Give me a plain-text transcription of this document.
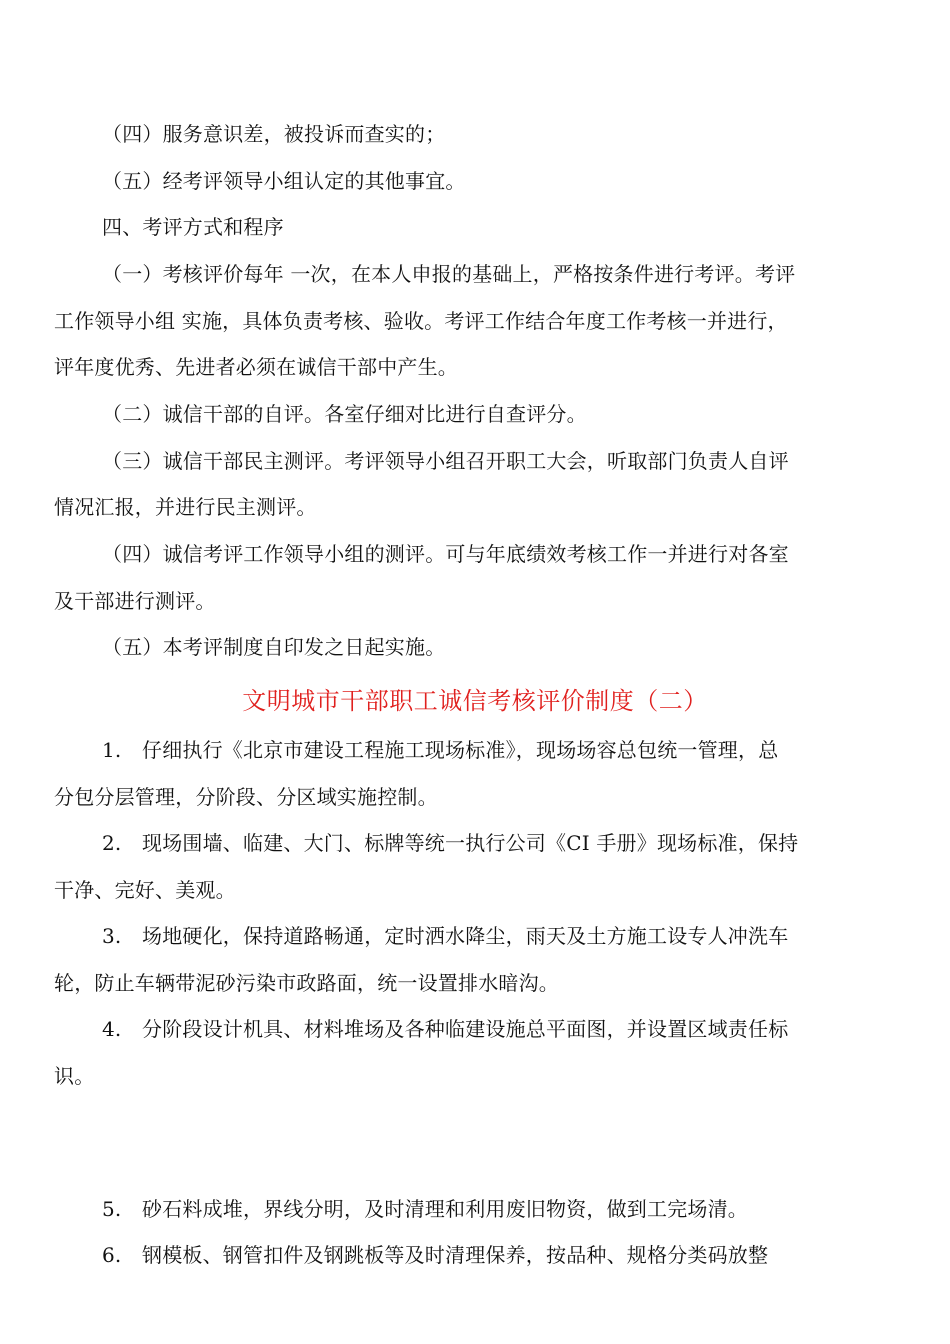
（四）服务意识差，被投诉而查实的；
（五）经考评领导小组认定的其他事宜。
四、考评方式和程序
（一）考核评价每年 一次，在本人申报的基础上，严格按条件进行考评。考评
工作领导小组 实施，具体负责考核、验收。考评工作结合年度工作考核一并进行，
评年度优秀、先进者必须在诚信干部中产生。
（二）诚信干部的自评。各室仔细对比进行自查评分。
（三）诚信干部民主测评。考评领导小组召开职工大会，听取部门负责人自评
情况汇报，并进行民主测评。
（四）诚信考评工作领导小组的测评。可与年底绩效考核工作一并进行对各室
及干部进行测评。
（五）本考评制度自印发之日起实施。
文明城市干部职工诚信考核评价制度（二）
1. 仔细执行《北京市建设工程施工现场标准》，现场场容总包统一管理，总
分包分层管理，分阶段、分区域实施控制。
2. 现场围墙、临建、大门、标牌等统一执行公司《CI 手册》现场标准，保持
干净、完好、美观。
3. 场地硬化，保持道路畅通，定时洒水降尘，雨天及土方施工设专人冲洗车
轮，防止车辆带泥砂污染市政路面，统一设置排水暗沟。
4. 分阶段设计机具、材料堆场及各种临建设施总平面图，并设置区域责任标
识。
5. 砂石料成堆，界线分明，及时清理和利用废旧物资，做到工完场清。
6. 钢模板、钢管扣件及钢跳板等及时清理保养，按品种、规格分类码放整
